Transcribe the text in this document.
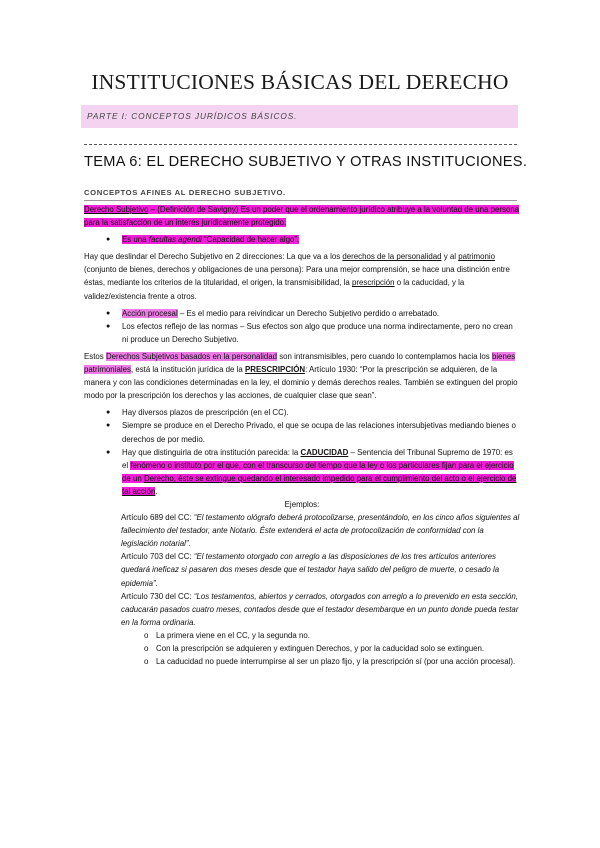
INSTITUCIONES BÁSICAS DEL DERECHO
PARTE I: CONCEPTOS JURÍDICOS BÁSICOS.
TEMA 6: EL DERECHO SUBJETIVO Y OTRAS INSTITUCIONES.
CONCEPTOS AFINES AL DERECHO SUBJETIVO.

Derecho Subjetivo – (Definición de Savigny) Es un poder que el ordenamiento jurídico atribuye a la voluntad de una persona para la satisfacción de un interés jurídicamente protegido.

● Es una facultas agendi “Capacidad de hacer algo”.

Hay que deslindar el Derecho Subjetivo en 2 direcciones: La que va a los derechos de la personalidad y al patrimonio (conjunto de bienes, derechos y obligaciones de una persona): Para una mejor comprensión, se hace una distinción entre éstas, mediante los criterios de la titularidad, el origen, la transmisibilidad, la prescripción o la caducidad, y la validez/existencia frente a otros.

● Acción procesal – Es el medio para reivindicar un Derecho Subjetivo perdido o arrebatado.

● Los efectos reflejo de las normas – Sus efectos son algo que produce una norma indirectamente, pero no crean ni produce un Derecho Subjetivo.

Estos Derechos Subjetivos basados en la personalidad son intransmisibles, pero cuando lo contemplamos hacia los bienes patrimoniales, está la institución jurídica de la PRESCRIPCIÓN: Artículo 1930: “Por la prescripción se adquieren, de la manera y con las condiciones determinadas en la ley, el dominio y demás derechos reales. También se extinguen del propio modo por la prescripción los derechos y las acciones, de cualquier clase que sean”.

● Hay diversos plazos de prescripción (en el CC).

● Siempre se produce en el Derecho Privado, el que se ocupa de las relaciones intersubjetivas mediando bienes o derechos de por medio.

● Hay que distinguirla de otra institución parecida: la CADUCIDAD – Sentencia del Tribunal Supremo de 1970: es el fenómeno o instituto por el que, con el transcurso del tiempo que la ley o los particulares fijan para el ejercicio de un Derecho, éste se extingue quedando el interesado impedido para el cumplimiento del acto o el ejercicio de tal acción.

Ejemplos:

Artículo 689 del CC: “El testamento ológrafo deberá protocolizarse, presentándolo, en los cinco años siguientes al fallecimiento del testador, ante Notario. Éste extenderá el acta de protocolización de conformidad con la legislación notarial”.

Artículo 703 del CC: “El testamento otorgado con arreglo a las disposiciones de los tres artículos anteriores quedará ineficaz si pasaren dos meses desde que el testador haya salido del peligro de muerte, o cesado la epidemia”.

Artículo 730 del CC: “Los testamentos, abiertos y cerrados, otorgados con arreglo a lo prevenido en esta sección, caducarán pasados cuatro meses, contados desde que el testador desembarque en un punto donde pueda testar en la forma ordinaria.

o La primera viene en el CC, y la segunda no.

o Con la prescripción se adquieren y extinguen Derechos, y por la caducidad solo se extinguen.

o La caducidad no puede interrumpirse al ser un plazo fijo, y la prescripción sí (por una acción procesal).
